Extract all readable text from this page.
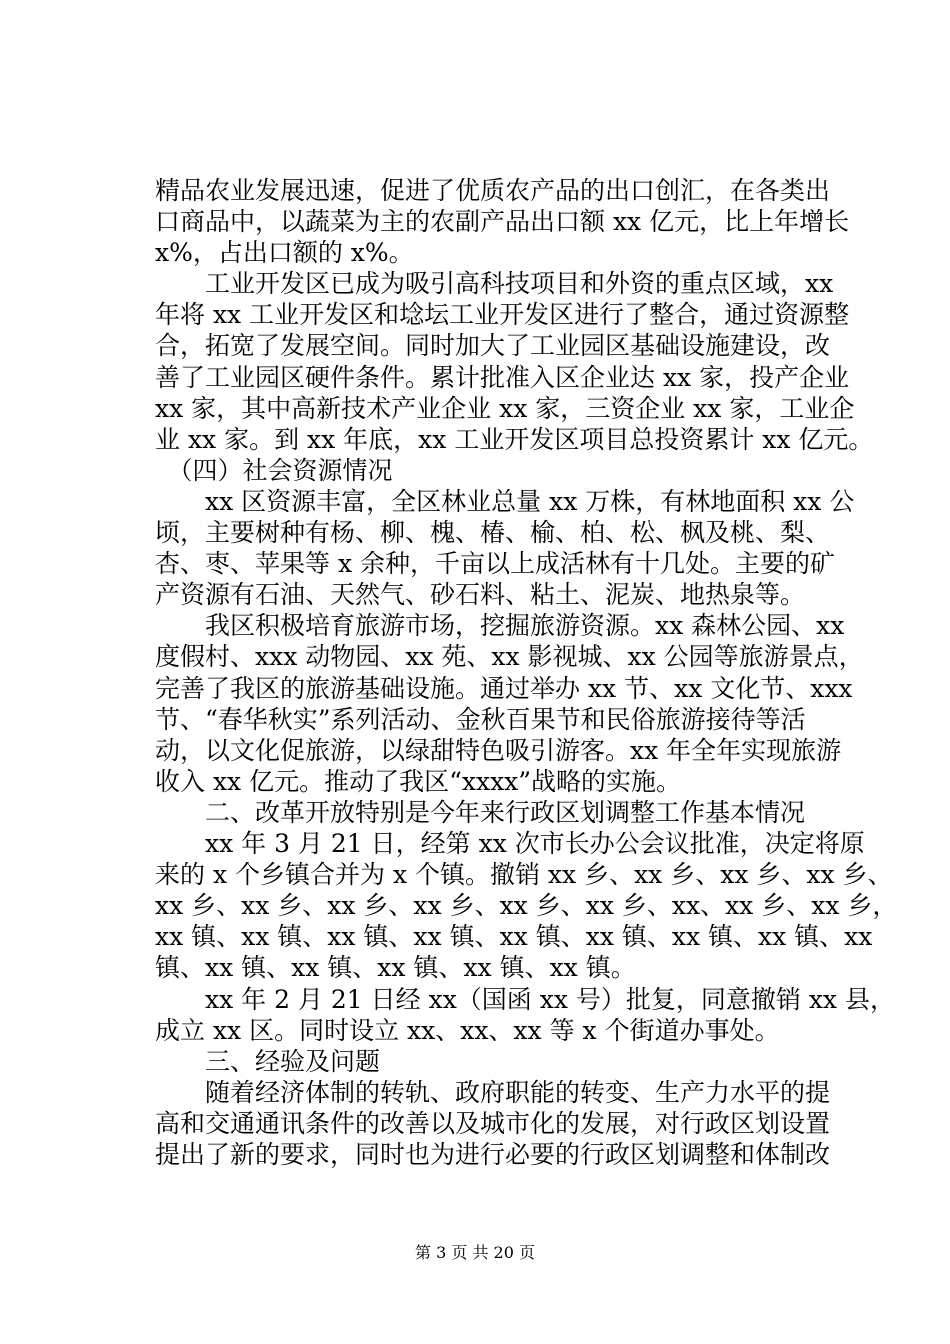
精品农业发展迅速，促进了优质农产品的出口创汇，在各类出
口商品中，以蔬菜为主的农副产品出口额 xx 亿元，比上年增长
x%，占出口额的 x%。
　　工业开发区已成为吸引高科技项目和外资的重点区域，xx
年将 xx 工业开发区和埝坛工业开发区进行了整合，通过资源整
合，拓宽了发展空间。同时加大了工业园区基础设施建设，改
善了工业园区硬件条件。累计批准入区企业达 xx 家，投产企业
xx 家，其中高新技术产业企业 xx 家，三资企业 xx 家，工业企
业 xx 家。到 xx 年底，xx 工业开发区项目总投资累计 xx 亿元。
　（四）社会资源情况
　　xx 区资源丰富，全区林业总量 xx 万株，有林地面积 xx 公
顷，主要树种有杨、柳、槐、椿、榆、柏、松、枫及桃、梨、
杏、枣、苹果等 x 余种，千亩以上成活林有十几处。主要的矿
产资源有石油、天然气、砂石料、粘土、泥炭、地热泉等。
　　我区积极培育旅游市场，挖掘旅游资源。xx 森林公园、xx
度假村、xxx 动物园、xx 苑、xx 影视城、xx 公园等旅游景点，
完善了我区的旅游基础设施。通过举办 xx 节、xx 文化节、xxx
节、“春华秋实”系列活动、金秋百果节和民俗旅游接待等活
动，以文化促旅游，以绿甜特色吸引游客。xx 年全年实现旅游
收入 xx 亿元。推动了我区“xxxx”战略的实施。
　　二、改革开放特别是今年来行政区划调整工作基本情况
　　xx 年 3 月 21 日，经第 xx 次市长办公会议批准，决定将原
来的 x 个乡镇合并为 x 个镇。撤销 xx 乡、xx 乡、xx 乡、xx 乡、
xx 乡、xx 乡、xx 乡、xx 乡、xx 乡、xx 乡、xx、xx 乡、xx 乡，
xx 镇、xx 镇、xx 镇、xx 镇、xx 镇、xx 镇、xx 镇、xx 镇、xx
镇、xx 镇、xx 镇、xx 镇、xx 镇、xx 镇。
　　xx 年 2 月 21 日经 xx（国函 xx 号）批复，同意撤销 xx 县，
成立 xx 区。同时设立 xx、xx、xx 等 x 个街道办事处。
　　三、经验及问题
　　随着经济体制的转轨、政府职能的转变、生产力水平的提
高和交通通讯条件的改善以及城市化的发展，对行政区划设置
提出了新的要求，同时也为进行必要的行政区划调整和体制改
第 3 页 共 20 页
